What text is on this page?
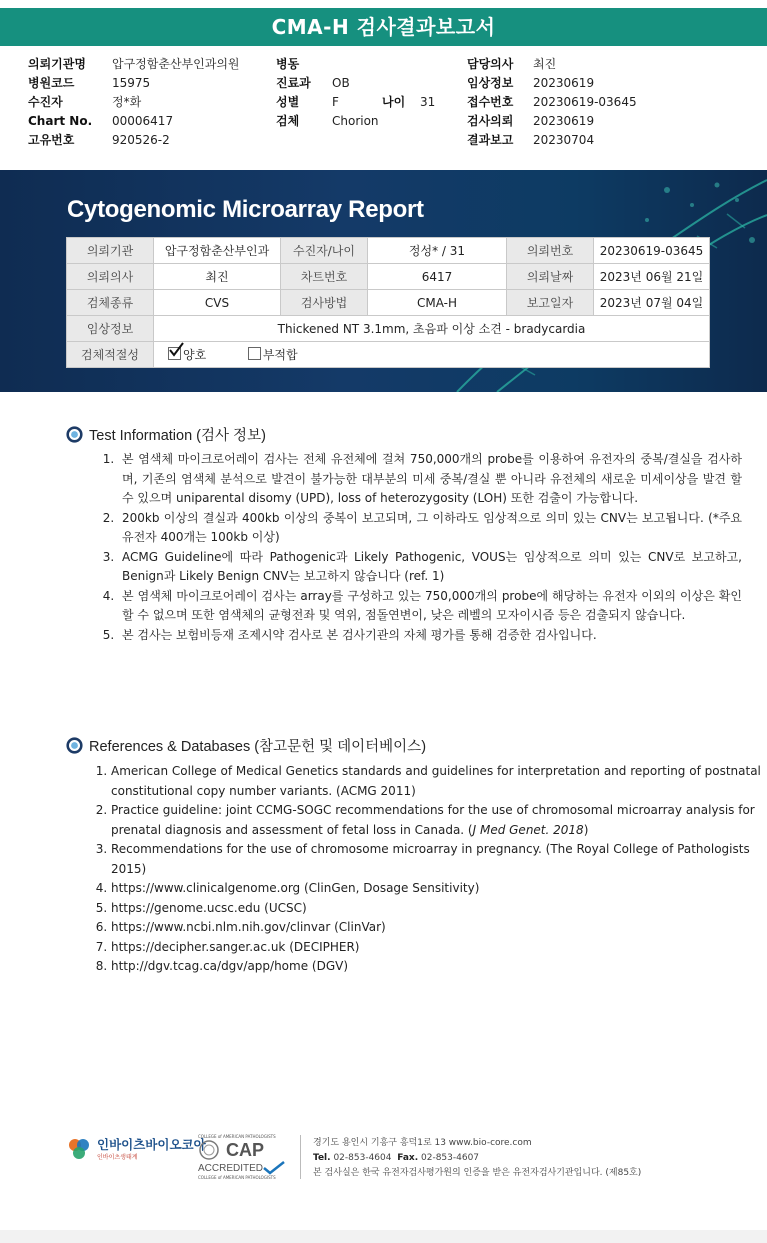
CMA-H 검사결과보고서
의뢰기관명 압구정함춘산부인과의원
병원코드	15975
수진자	정*화
Chart No. 00006417
고유번호	920526-2
병동
진료과 OB
성별	F	나이 31
검체	Chorion
담당의사 최진
임상정보 20230619
접수번호 20230619-03645
검사의뢰 20230619
결과보고 20230704
Cytogenomic Microarray Report
의뢰기관	압구정함춘산부인과	수진자/나이	정성* / 31	의뢰번호	20230619-03645
의뢰의사	최진	차트번호	6417	의뢰날짜	2023년 06월 21일
검체종류	CVS	검사방법	CMA-H	보고일자	2023년 07월 04일
임상정보	Thickened NT 3.1mm, 초음파 이상 소견 - bradycardia				
검체적절성	양호 부적합				
Test Information (검사 정보)
1. 본 염색체 마이크로어레이 검사는 전체 유전체에 걸쳐 750,000개의 probe를 이용하여 유전자의 중복/결실을 검사하며, 기존의 염색체 분석으로 발견이 불가능한 대부분의 미세 중복/결실 뿐 아니라 유전체의 새로운 미세이상을 발견 할 수 있으며 uniparental disomy (UPD), loss of heterozygosity (LOH) 또한 검출이 가능합니다.
2. 200kb 이상의 결실과 400kb 이상의 중복이 보고되며, 그 이하라도 임상적으로 의미 있는 CNV는 보고됩니다. (*주요 유전자 400개는 100kb 이상)
3. ACMG Guideline에 따라 Pathogenic과 Likely Pathogenic, VOUS는 임상적으로 의미 있는 CNV로 보고하고, Benign과 Likely Benign CNV는 보고하지 않습니다 (ref. 1)
4. 본 염색체 마이크로어레이 검사는 array를 구성하고 있는 750,000개의 probe에 해당하는 유전자 이외의 이상은 확인 할 수 없으며 또한 염색체의 균형전좌 및 역위, 점돌연변이, 낮은 레벨의 모자이시즘 등은 검출되지 않습니다.
5. 본 검사는 보험비등재 조제시약 검사로 본 검사기관의 자체 평가를 통해 검증한 검사입니다.
References & Databases (참고문헌 및 데이터베이스)
1. American College of Medical Genetics standards and guidelines for interpretation and reporting of postnatal constitutional copy number variants. (ACMG 2011)
2. Practice guideline: joint CCMG-SOGC recommendations for the use of chromosomal microarray analysis for prenatal diagnosis and assessment of fetal loss in Canada. (J Med Genet. 2018)
3. Recommendations for the use of chromosome microarray in pregnancy. (The Royal College of Pathologists 2015)
4. https://www.clinicalgenome.org (ClinGen, Dosage Sensitivity)
5. https://genome.ucsc.edu (UCSC)
6. https://www.ncbi.nlm.nih.gov/clinvar (ClinVar)
7. https://decipher.sanger.ac.uk (DECIPHER)
8. http://dgv.tcag.ca/dgv/app/home (DGV)
인바이츠바이오코아
인바이츠생태계
COLLEGE of AMERICAN PATHOLOGISTS
CAP
ACCREDITED
COLLEGE of AMERICAN PATHOLOGISTS
경기도 용인시 기흥구 흥덕1로 13 www.bio-core.com
Tel. 02-853-4604 Fax. 02-853-4607
본 검사실은 한국 유전자검사평가원의 인증을 받은 유전자검사기관입니다. (제85호)
